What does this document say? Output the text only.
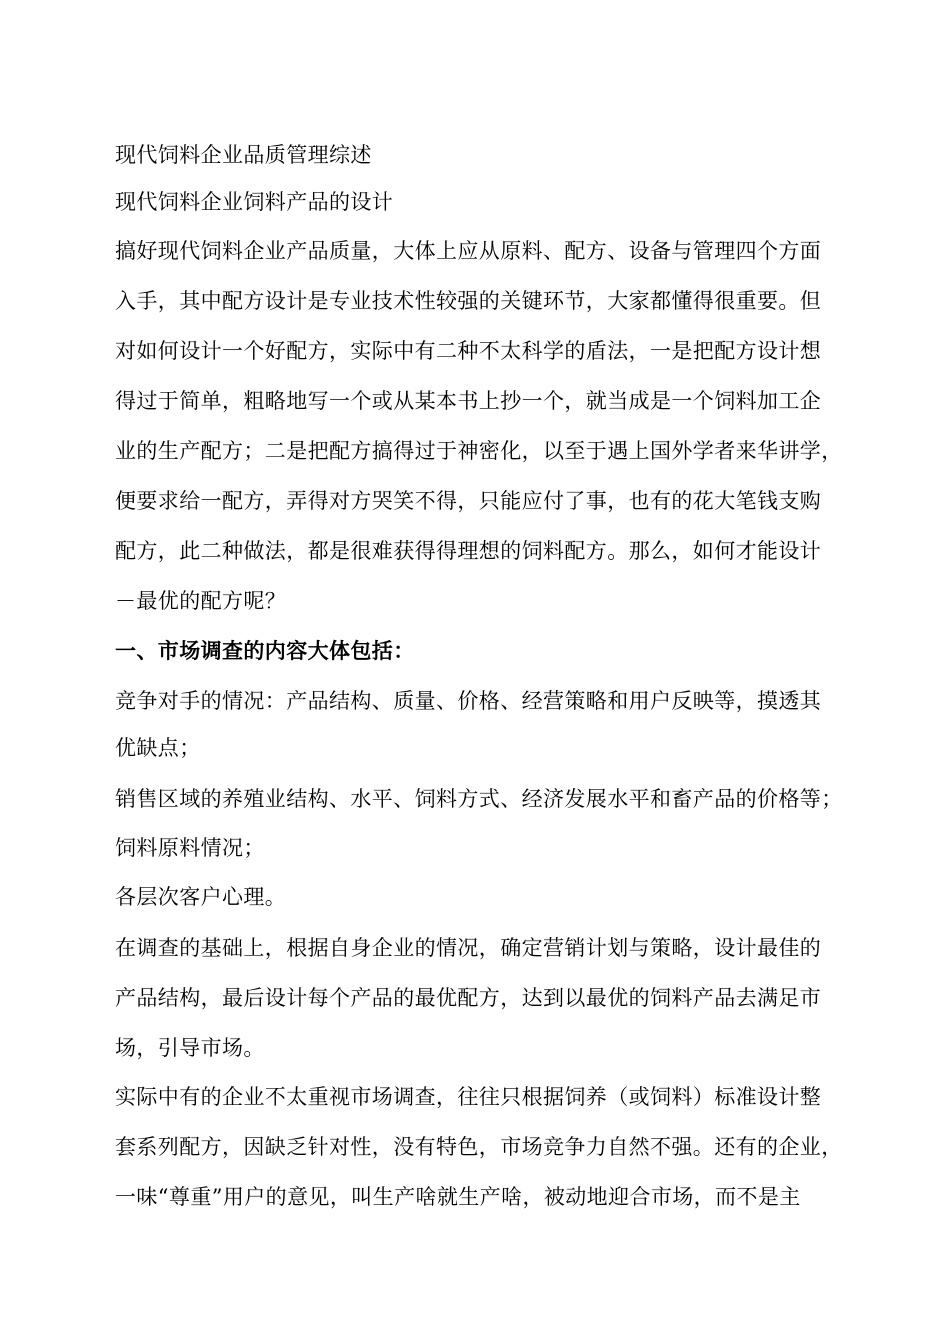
现代饲料企业品质管理综述
现代饲料企业饲料产品的设计
搞好现代饲料企业产品质量，大体上应从原料、配方、设备与管理四个方面
入手，其中配方设计是专业技术性较强的关键环节，大家都懂得很重要。但
对如何设计一个好配方，实际中有二种不太科学的盾法，一是把配方设计想
得过于简单，粗略地写一个或从某本书上抄一个，就当成是一个饲料加工企
业的生产配方；二是把配方搞得过于神密化，以至于遇上国外学者来华讲学，
便要求给一配方，弄得对方哭笑不得，只能应付了事，也有的花大笔钱支购
配方，此二种做法，都是很难获得得理想的饲料配方。那么，如何才能设计
－最优的配方呢？
一、市场调查的内容大体包括：
竞争对手的情况：产品结构、质量、价格、经营策略和用户反映等，摸透其
优缺点；
销售区域的养殖业结构、水平、饲料方式、经济发展水平和畜产品的价格等；
饲料原料情况；
各层次客户心理。
在调查的基础上，根据自身企业的情况，确定营销计划与策略，设计最佳的
产品结构，最后设计每个产品的最优配方，达到以最优的饲料产品去满足市
场，引导市场。
实际中有的企业不太重视市场调查，往往只根据饲养（或饲料）标准设计整
套系列配方，因缺乏针对性，没有特色，市场竞争力自然不强。还有的企业，
一味“尊重”用户的意见，叫生产啥就生产啥，被动地迎合市场，而不是主
